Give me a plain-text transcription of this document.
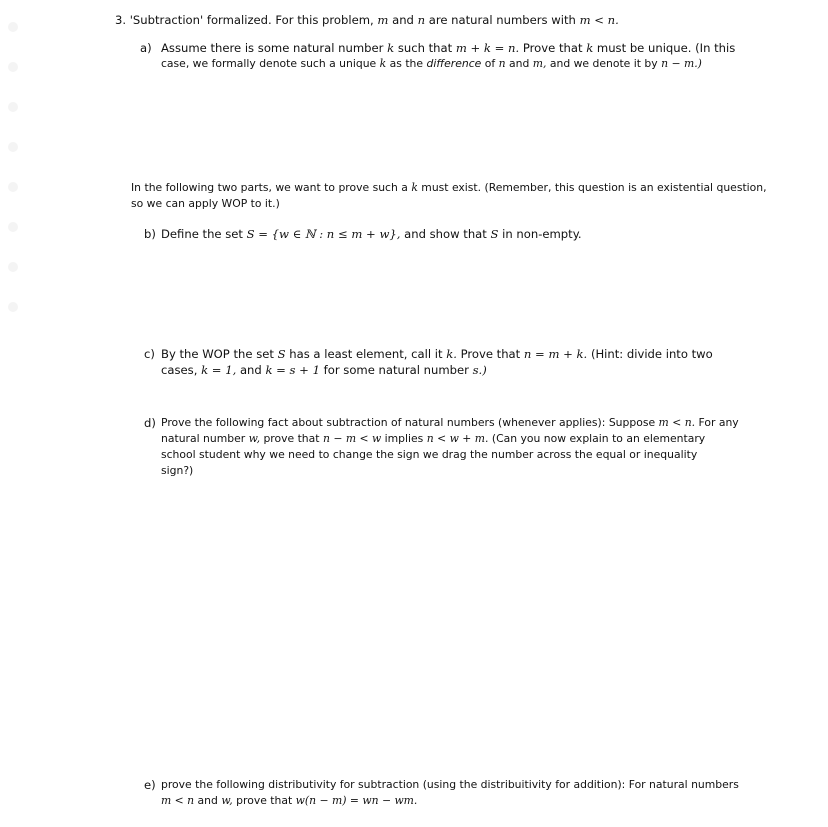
3. 'Subtraction' formalized. For this problem, m and n are natural numbers with m < n.
a) Assume there is some natural number k such that m + k = n. Prove that k must be unique. (In this
case, we formally denote such a unique k as the difference of n and m, and we denote it by n − m.)
In the following two parts, we want to prove such a k must exist. (Remember, this question is an existential question,
so we can apply WOP to it.)
b) Define the set S = {w ∈ ℕ : n ≤ m + w}, and show that S in non-empty.
c) By the WOP the set S has a least element, call it k. Prove that n = m + k. (Hint: divide into two
cases, k = 1, and k = s + 1 for some natural number s.)
d) Prove the following fact about subtraction of natural numbers (whenever applies): Suppose m < n. For any
natural number w, prove that n − m < w implies n < w + m. (Can you now explain to an elementary
school student why we need to change the sign we drag the number across the equal or inequality
sign?)
e) prove the following distributivity for subtraction (using the distribuitivity for addition): For natural numbers
m < n and w, prove that w(n − m) = wn − wm.
